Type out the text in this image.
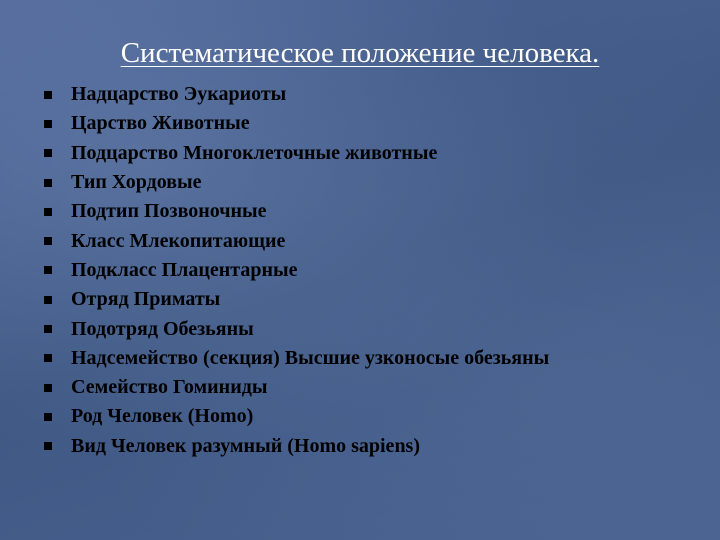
Систематическое положение человека.
Надцарство Эукариоты
Царство Животные
Подцарство Многоклеточные животные
Тип Хордовые
Подтип Позвоночные
Класс Млекопитающие
Подкласс Плацентарные
Отряд Приматы
Подотряд Обезьяны
Надсемейство (секция) Высшие узконосые обезьяны
Семейство Гоминиды
Род Человек (Homo)
Вид Человек разумный (Homo sapiens)
